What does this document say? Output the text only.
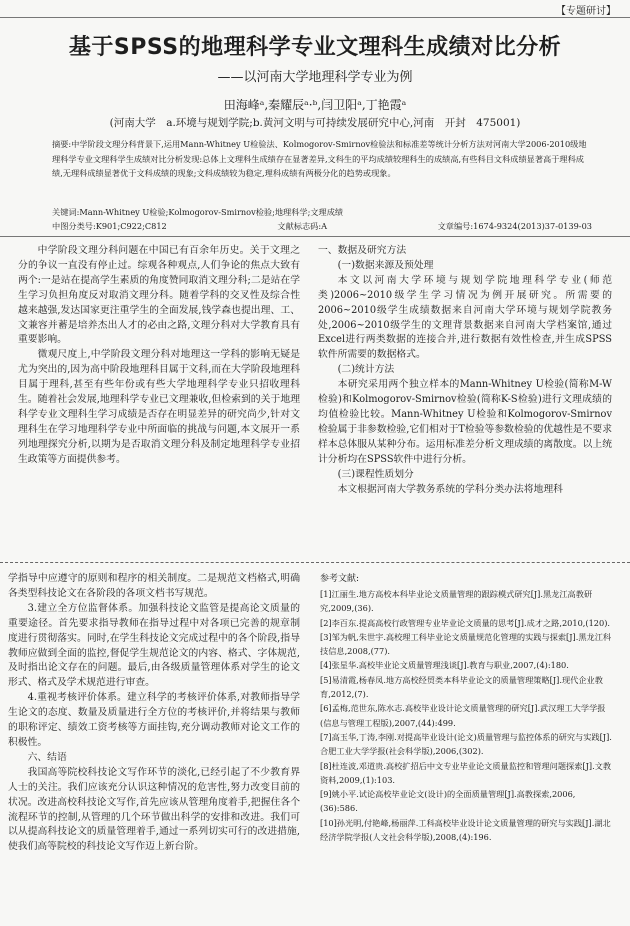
【专题研讨】
基于SPSS的地理科学专业文理科生成绩对比分析
——以河南大学地理科学专业为例
田海峰ᵃ,秦耀辰ᵃ·ᵇ,闫卫阳ᵃ,丁艳霞ᵃ
(河南大学　a.环境与规划学院;b.黄河文明与可持续发展研究中心,河南　开封　475001)
摘要:中学阶段文理分科背景下,运用Mann-Whitney U检验法、Kolmogorov-Smirnov检验法和标准差等统计分析方法对河南大学2006-2010级地理科学专业文理科学生成绩对比分析发现:总体上文理科生成绩存在显著差异,文科生的平均成绩较理科生的成绩高,有些科目文科成绩显著高于理科成绩,无理科成绩显著优于文科成绩的现象;文科成绩较为稳定,理科成绩有两极分化的趋势或现象。
关键词:Mann-Whitney U检验;Kolmogorov-Smirnov检验;地理科学;文理成绩
中图分类号:K901;C922;C812	文献标志码:A	文章编号:1674-9324(2013)37-0139-03

中学阶段文理分科问题在中国已有百余年历史。关于文理之分的争议一直没有停止过。综观各种观点,人们争论的焦点大致有两个:一是站在提高学生素质的角度赞同取消文理分科;二是站在学生学习负担角度反对取消文理分科。随着学科的交叉性及综合性越来越强,发达国家更注重学生的全面发展,钱学森也提出理、工、文兼容并蓄是培养杰出人才的必由之路,文理分科对大学教育具有重要影响。

微观尺度上,中学阶段文理分科对地理这一学科的影响无疑是尤为突出的,因为高中阶段地理科目属于文科,而在大学阶段地理科目属于理科,甚至有些年份或有些大学地理科学专业只招收理科生。随着社会发展,地理科学专业已文理兼收,但检索到的关于地理科学专业文理科生学习成绩是否存在明显差异的研究尚少,针对文理科生在学习地理科学专业中所面临的挑战与问题,本文展开一系列地理探究分析,以期为是否取消文理分科及制定地理科学专业招生政策等方面提供参考。

一、数据及研究方法
(一)数据来源及预处理

本文以河南大学环境与规划学院地理科学专业(师范类)2006~2010级学生学习情况为例开展研究。所需要的2006~2010级学生成绩数据来自河南大学环境与规划学院教务处,2006~2010级学生的文理背景数据来自河南大学档案馆,通过Excel进行两类数据的连接合并,进行数据有效性检查,并生成SPSS软件所需要的数据格式。

(二)统计方法

本研究采用两个独立样本的Mann-Whitney U检验(简称M-W检验)和Kolmogorov-Smirnov检验(简称K-S检验)进行文理成绩的均值检验比较。Mann-Whitney U检验和Kolmogorov-Smirnov检验属于非参数检验,它们相对于T检验等参数检验的优越性是不要求样本总体服从某种分布。运用标准差分析文理成绩的离散度。以上统计分析均在SPSS软件中进行分析。

(三)课程性质划分

本文根据河南大学教务系统的学科分类办法将地理科

学指导中应遵守的原则和程序的相关制度。二是规范文档格式,明确各类型科技论文在各阶段的各项文档书写规范。

3.建立全方位监督体系。加强科技论文监管是提高论文质量的重要途径。首先要求指导教师在指导过程中对各项已完善的规章制度进行贯彻落实。同时,在学生科技论文完成过程中的各个阶段,指导教师应做到全面的监控,督促学生规范论文的内容、格式、字体规范,及时指出论文存在的问题。最后,由各级质量管理体系对学生的论文形式、格式及学术规范进行审查。

4.重视考核评价体系。建立科学的考核评价体系,对教师指导学生论文的态度、数量及质量进行全方位的考核评价,并将结果与教师的职称评定、绩效工资考核等方面挂钩,充分调动教师对论文工作的积极性。

六、结语

我国高等院校科技论文写作环节的淡化,已经引起了不少教育界人士的关注。我们应该充分认识这种情况的危害性,努力改变目前的状况。改进高校科技论文写作,首先应该从管理角度着手,把握住各个流程环节的控制,从管理的几个环节做出科学的安排和改进。我们可以从提高科技论文的质量管理着手,通过一系列切实可行的改进措施,使我们高等院校的科技论文写作迈上新台阶。

参考文献:

[1]江丽生.地方高校本科毕业论文质量管理的跟踪模式研究[J].黑龙江高教研究,2009,(36).

[2]李百东.提高高校行政管理专业毕业论文质量的思考[J].成才之路,2010,(120).

[3]邹为帆,朱世宇.高校理工科毕业论文质量规范化管理的实践与探索[J].黑龙江科技信息,2008,(77).

[4]张星华.高校毕业论文质量管理浅谈[J].教育与职业,2007,(4):180.

[5]易清霞,杨春凤.地方高校经贸类本科毕业论文的质量管理策略[J].现代企业教育,2012,(7).

[6]孟梅,范世东,陈水志.高校毕业设计论文质量管理的研究[J].武汉理工大学学报(信息与管理工程版),2007,(44):499.

[7]高玉华,丁涛,李刚.对提高毕业设计(论文)质量管理与监控体系的研究与实践[J].合肥工业大学学报(社会科学版),2006,(302).

[8]杜连波,邓道贵.高校扩招后中文专业毕业论文质量监控和管理问题探索[J].文教资料,2009,(1):103.

[9]姚小平.试论高校毕业论文(设计)的全面质量管理[J].高教探索,2006,(36):586.

[10]孙光明,付艳峰,杨丽萍.工科高校毕业设计论文质量管理的研究与实践[J].湖北经济学院学报(人文社会科学版),2008,(4):196.
